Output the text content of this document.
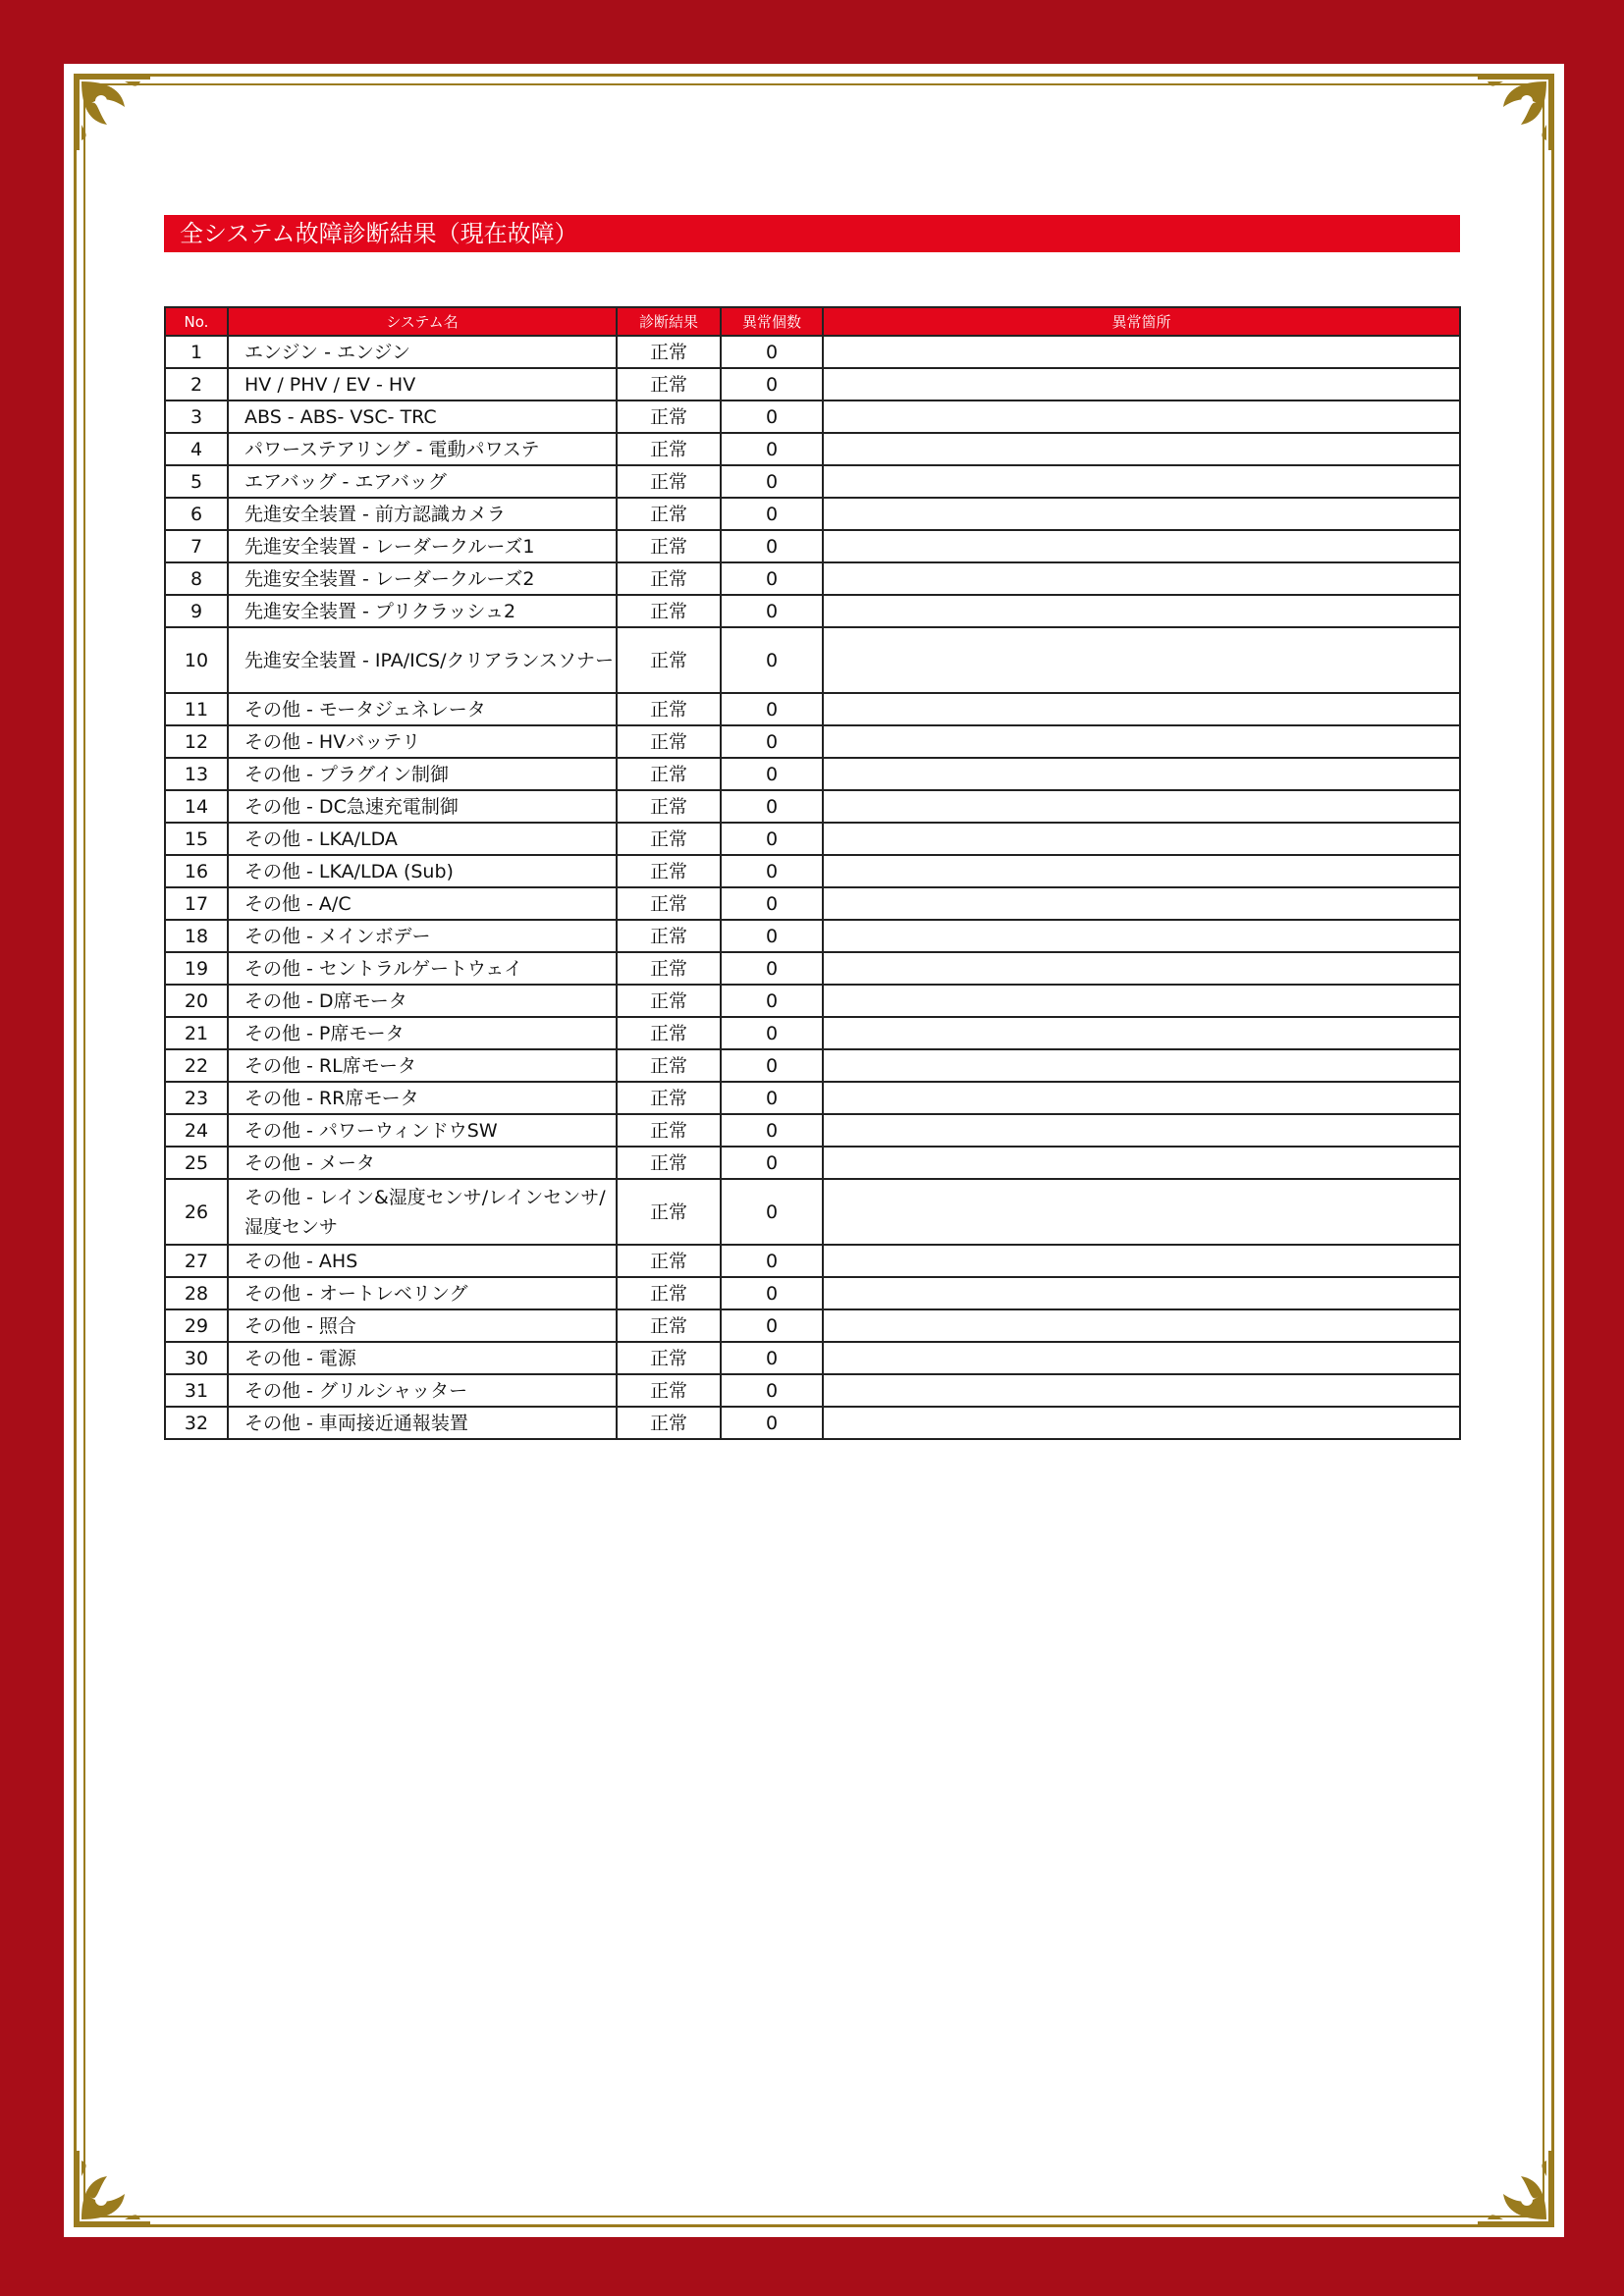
全システム故障診断結果（現在故障）
No.	システム名	診断結果	異常個数	異常箇所
1	エンジン - エンジン	正常	0	
2	HV / PHV / EV - HV	正常	0	
3	ABS - ABS- VSC- TRC	正常	0	
4	パワーステアリング - 電動パワステ	正常	0	
5	エアバッグ - エアバッグ	正常	0	
6	先進安全装置 - 前方認識カメラ	正常	0	
7	先進安全装置 - レーダークルーズ1	正常	0	
8	先進安全装置 - レーダークルーズ2	正常	0	
9	先進安全装置 - プリクラッシュ2	正常	0	
10	先進安全装置 - IPA/ICS/クリアランスソナー	正常	0	
11	その他 - モータジェネレータ	正常	0	
12	その他 - HVバッテリ	正常	0	
13	その他 - プラグイン制御	正常	0	
14	その他 - DC急速充電制御	正常	0	
15	その他 - LKA/LDA	正常	0	
16	その他 - LKA/LDA (Sub)	正常	0	
17	その他 - A/C	正常	0	
18	その他 - メインボデー	正常	0	
19	その他 - セントラルゲートウェイ	正常	0	
20	その他 - D席モータ	正常	0	
21	その他 - P席モータ	正常	0	
22	その他 - RL席モータ	正常	0	
23	その他 - RR席モータ	正常	0	
24	その他 - パワーウィンドウSW	正常	0	
25	その他 - メータ	正常	0	
26	その他 - レイン&湿度センサ/レインセンサ/湿度センサ	正常	0	
27	その他 - AHS	正常	0	
28	その他 - オートレベリング	正常	0	
29	その他 - 照合	正常	0	
30	その他 - 電源	正常	0	
31	その他 - グリルシャッター	正常	0	
32	その他 - 車両接近通報装置	正常	0	
